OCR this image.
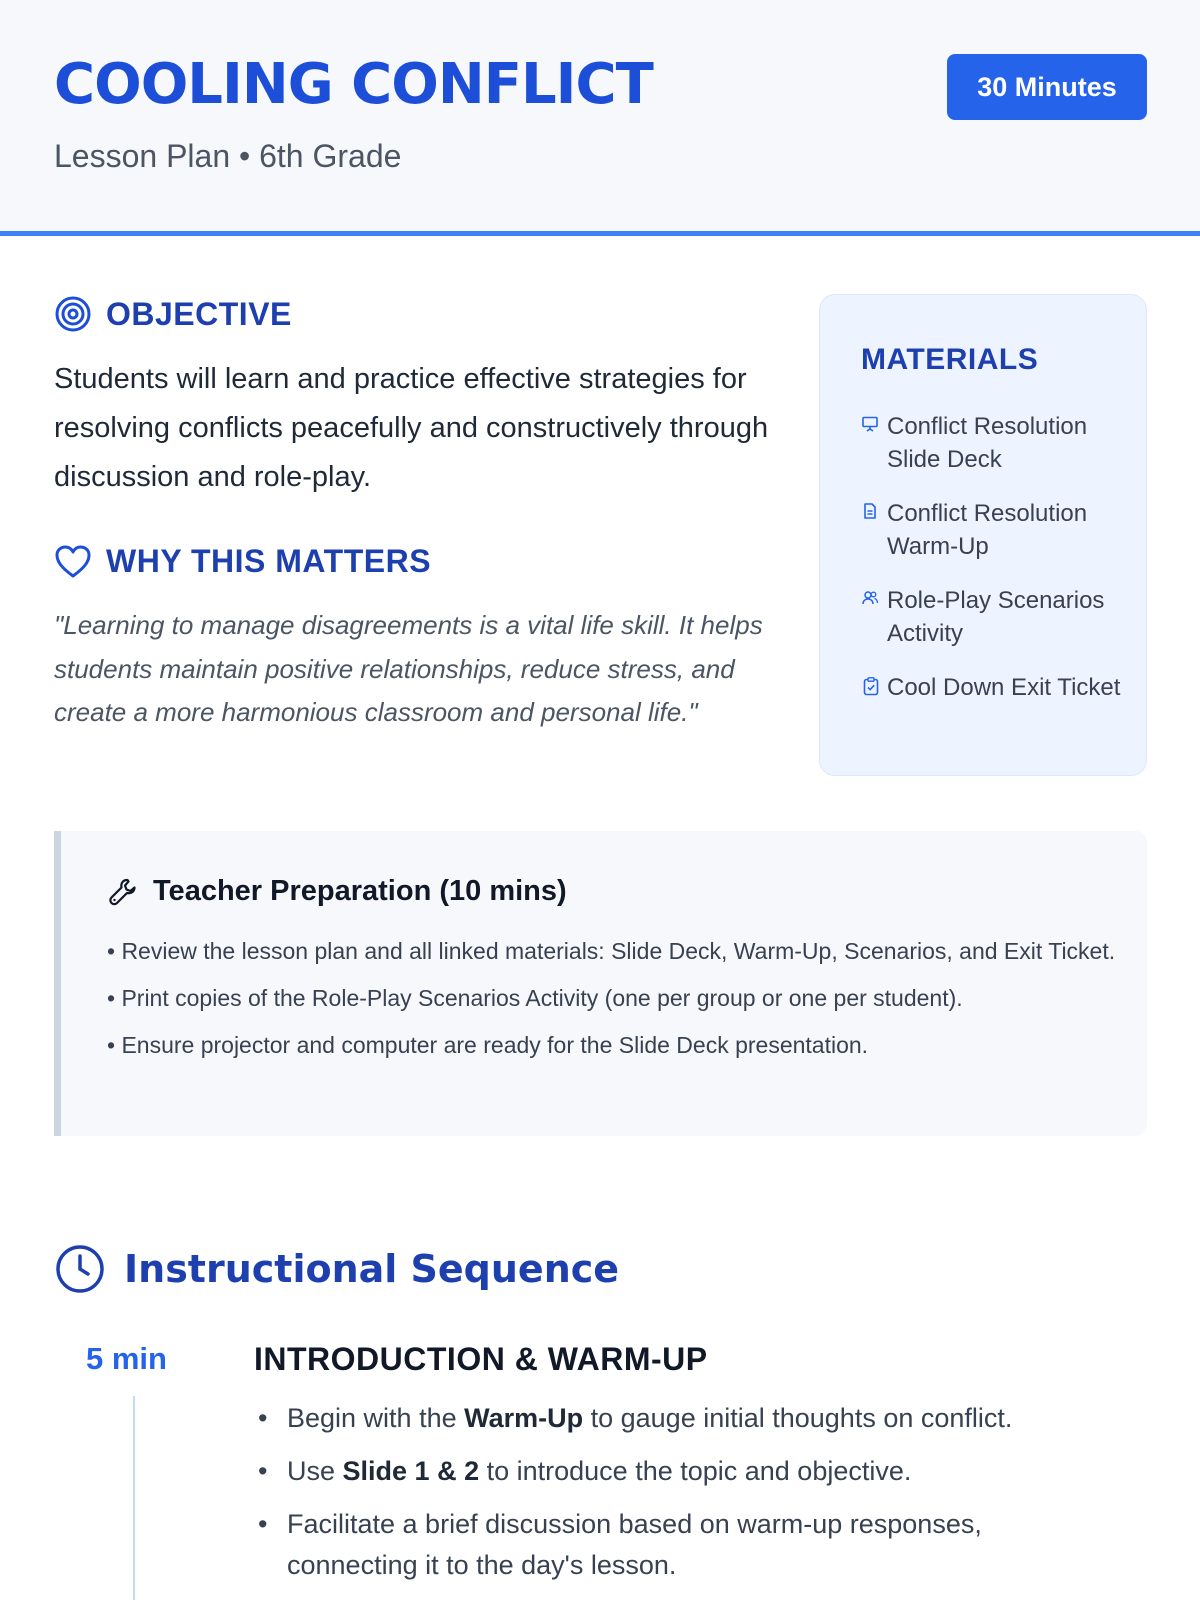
COOLING CONFLICT
Lesson Plan • 6th Grade
30 Minutes
OBJECTIVE
Students will learn and practice effective strategies for resolving conflicts peacefully and constructively through discussion and role-play.
WHY THIS MATTERS
"Learning to manage disagreements is a vital life skill. It helps students maintain positive relationships, reduce stress, and create a more harmonious classroom and personal life."
MATERIALS
Conflict Resolution Slide Deck
Conflict Resolution Warm-Up
Role-Play Scenarios Activity
Cool Down Exit Ticket
Teacher Preparation (10 mins)
• Review the lesson plan and all linked materials: Slide Deck, Warm-Up, Scenarios, and Exit Ticket.
• Print copies of the Role-Play Scenarios Activity (one per group or one per student).
• Ensure projector and computer are ready for the Slide Deck presentation.
Instructional Sequence
5 min	INTRODUCTION & WARM-UP
• Begin with the Warm-Up to gauge initial thoughts on conflict.
• Use Slide 1 & 2 to introduce the topic and objective.
• Facilitate a brief discussion based on warm-up responses, connecting it to the day's lesson.
